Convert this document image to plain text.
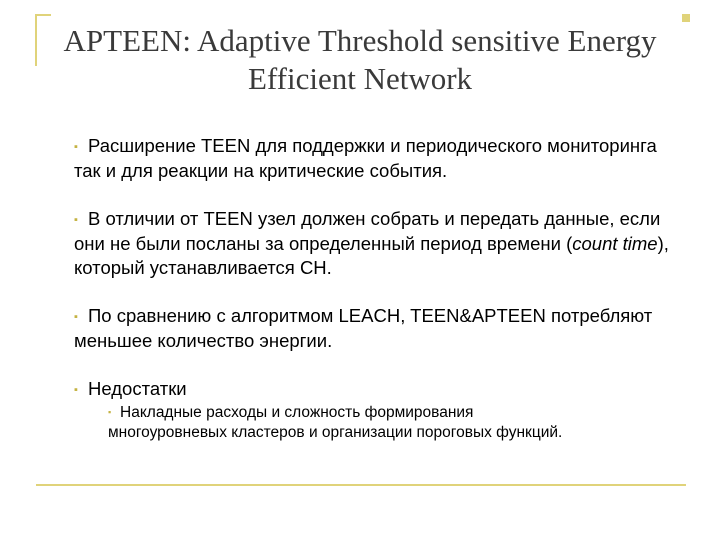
APTEEN: Adaptive Threshold sensitive Energy
Efficient Network

▪ Расширение TEEN для поддержки и периодического мониторинга так и для реакции на критические события.

▪ В отличии от TEEN узел должен собрать и передать данные, если они не были посланы за определенный период времени (count time), который устанавливается СН.

▪ По сравнению с алгоритмом LEACH, TEEN&APTEEN потребляют меньшее количество энергии.

▪ Недостатки

▪ Накладные расходы и сложность формирования многоуровневых кластеров и организации пороговых функций.
